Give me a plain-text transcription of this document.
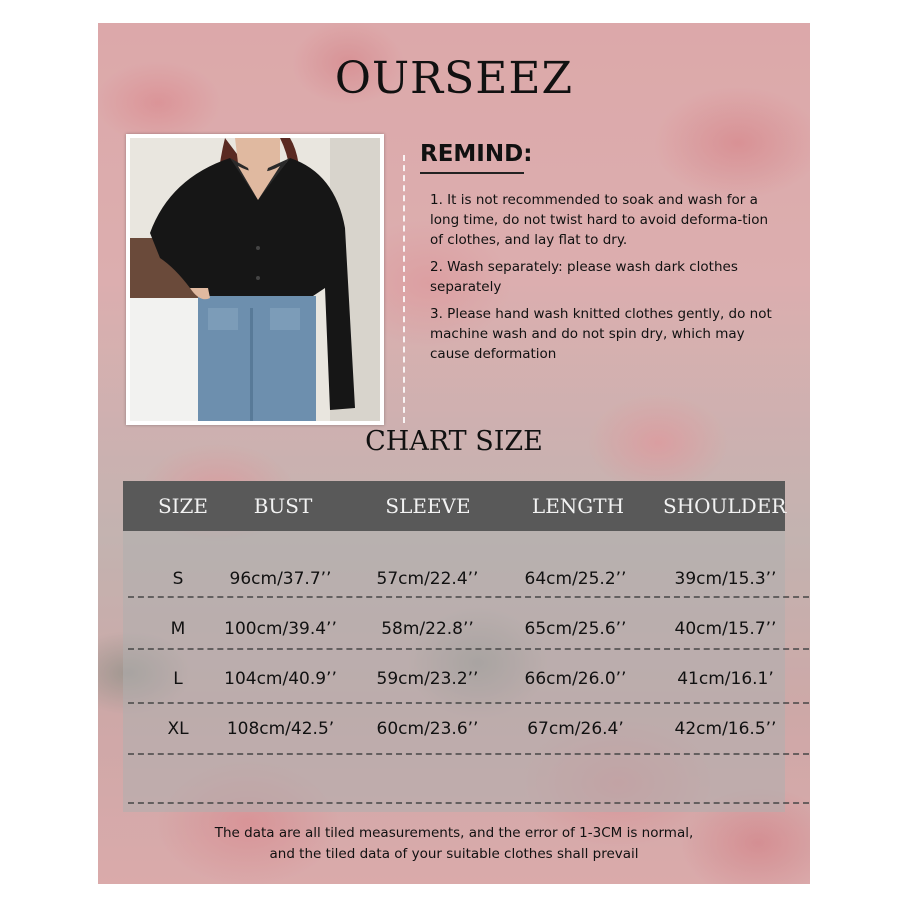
OURSEEZ
REMIND:

1. It is not recommended to soak and wash for a long time, do not twist hard to avoid deforma-tion of clothes, and lay flat to dry.

2. Wash separately: please wash dark clothes separately

3. Please hand wash knitted clothes gently, do not machine wash and do not spin dry, which may cause deformation

CHART SIZE
SIZE	BUST	SLEEVE	LENGTH	SHOULDER
S	96cm/37.7’’	57cm/22.4’’	64cm/25.2’’	39cm/15.3’’
M	100cm/39.4’’	58m/22.8’’	65cm/25.6’’	40cm/15.7’’
L	104cm/40.9’’	59cm/23.2’’	66cm/26.0’’	41cm/16.1’
XL	108cm/42.5’	60cm/23.6’’	67cm/26.4’	42cm/16.5’’
The data are all tiled measurements, and the error of 1-3CM is normal,
and the tiled data of your suitable clothes shall prevail
